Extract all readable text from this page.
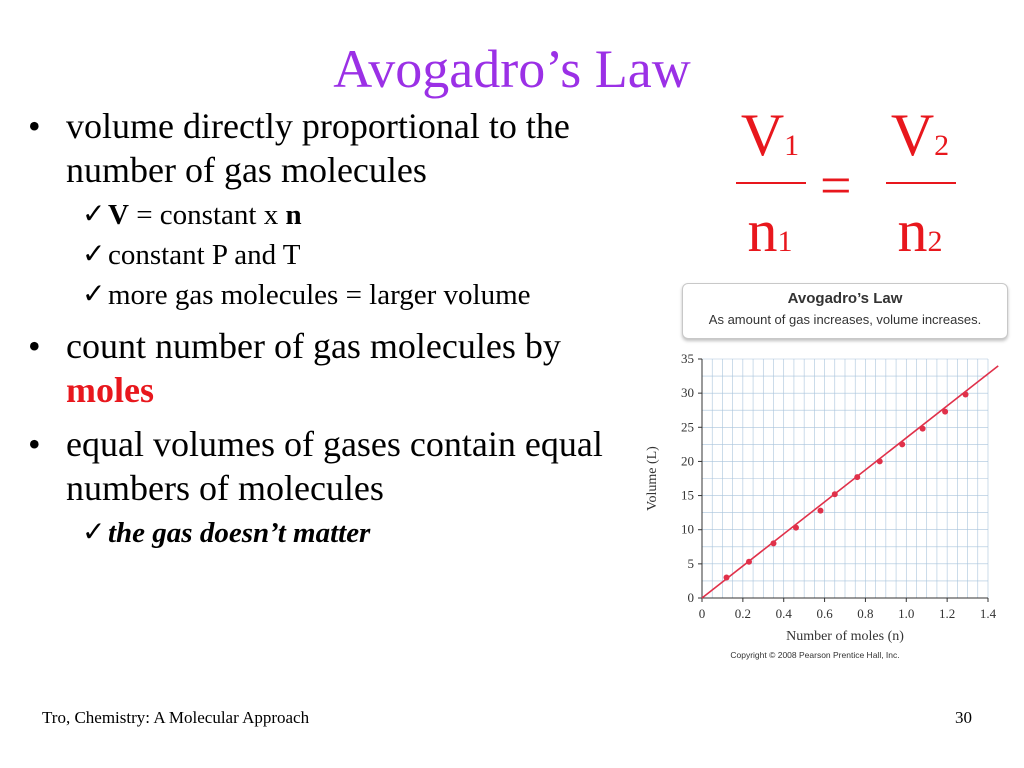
Avogadro’s Law
• volume directly proportional to the number of gas molecules
✓ V = constant x n
✓ constant P and T
✓ more gas molecules = larger volume
• count number of gas molecules by moles
• equal volumes of gases contain equal numbers of molecules
✓ the gas doesn’t matter
V1
n1
=
V2
n2
Avogadro’s Law
As amount of gas increases, volume increases.
0 0.2 0.4 0.6 0.8 1.0 1.2 1.4
0
5
10
15
20
25
30
35
Number of moles (n)
Volume (L)
Copyright © 2008 Pearson Prentice Hall, Inc.
Tro, Chemistry: A Molecular Approach	30
